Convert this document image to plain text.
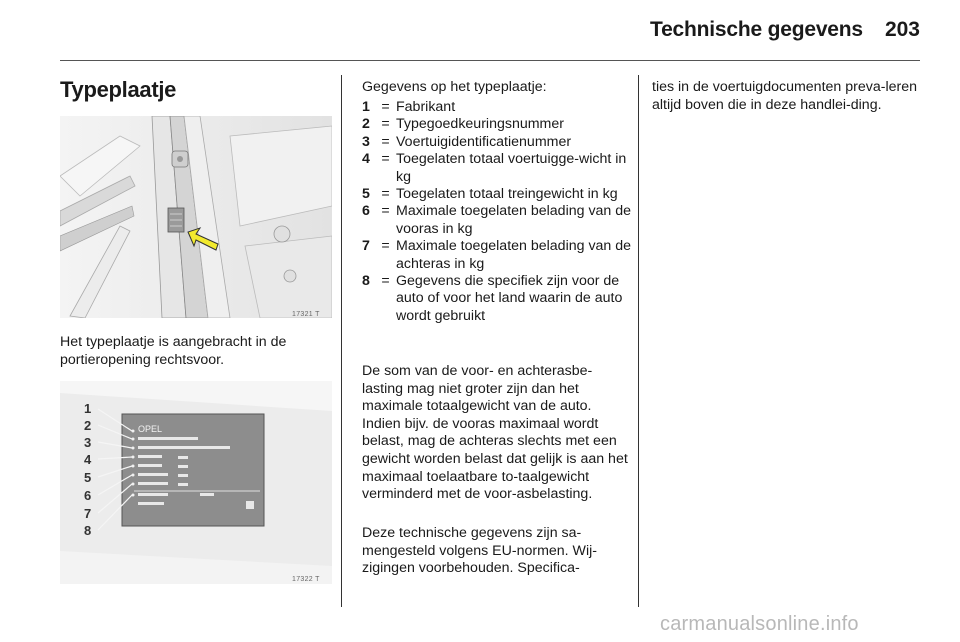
Technische gegevens 203
Typeplaatje
17321 T

Het typeplaatje is aangebracht in de portieropening rechtsvoor.

OPEL
1
2
3
4
5
6
7
8
17322 T

Gegevens op het typeplaatje:

1 = Fabrikant
2 = Typegoedkeuringsnummer
3 = Voertuigidentificatienummer
4 = Toegelaten totaal voertuigge-wicht in kg
5 = Toegelaten totaal treingewicht in kg
6 = Maximale toegelaten belading van de vooras in kg
7 = Maximale toegelaten belading van de achteras in kg
8 = Gegevens die specifiek zijn voor de auto of voor het land waarin de auto wordt gebruikt

De som van de voor- en achterasbe-lasting mag niet groter zijn dan het maximale totaalgewicht van de auto. Indien bijv. de vooras maximaal wordt belast, mag de achteras slechts met een gewicht worden belast dat gelijk is aan het maximaal toelaatbare to-taalgewicht verminderd met de voor-asbelasting.

Deze technische gegevens zijn sa-mengesteld volgens EU-normen. Wij-zigingen voorbehouden. Specifica-

ties in de voertuigdocumenten preva-leren altijd boven die in deze handlei-ding.

carmanualsonline.info
